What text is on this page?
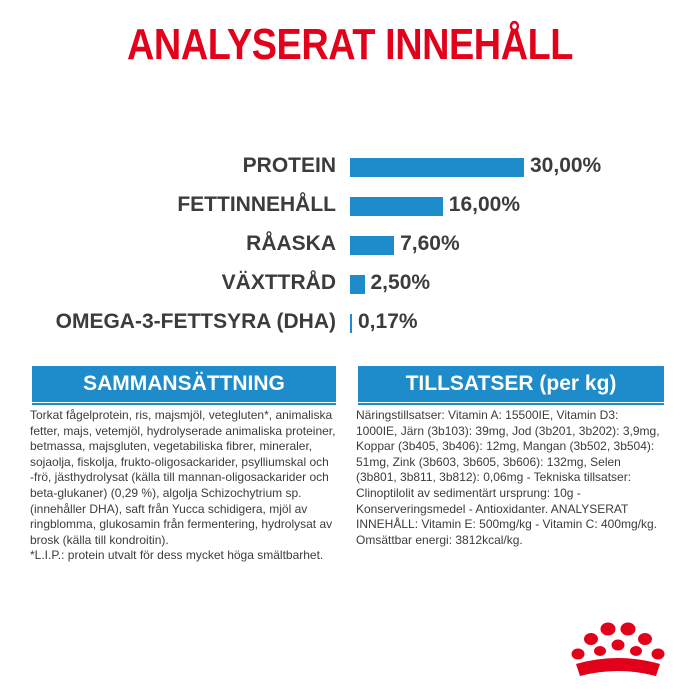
ANALYSERAT INNEHÅLL
PROTEIN	30,00%
FETTINNEHÅLL	16,00%
RÅASKA	7,60%
VÄXTTRÅD 2,50%
OMEGA-3-FETTSYRA (DHA) 0,17%
SAMMANSÄTTNING

Torkat fågelprotein, ris, majsmjöl, vetegluten*, animaliska fetter, majs, vetemjöl, hydrolyserade animaliska proteiner, betmassa, majsgluten, vegetabiliska fibrer, mineraler, sojaolja, fiskolja, frukto-oligosackarider, psylliumskal och -frö, jästhydrolysat (källa till mannan-oligosackarider och beta-glukaner) (0,29 %), algolja Schizochytrium sp. (innehåller DHA), saft från Yucca schidigera, mjöl av ringblomma, glukosamin från fermentering, hydrolysat av brosk (källa till kondroitin).

*L.I.P.: protein utvalt för dess mycket höga smältbarhet.

TILLSATSER (per kg)

Näringstillsatser: Vitamin A: 15500IE, Vitamin D3: 1000IE, Järn (3b103): 39mg, Jod (3b201, 3b202): 3,9mg, Koppar (3b405, 3b406): 12mg, Mangan (3b502, 3b504): 51mg, Zink (3b603, 3b605, 3b606): 132mg, Selen (3b801, 3b811, 3b812): 0,06mg - Tekniska tillsatser: Clinoptilolit av sedimentärt ursprung: 10g - Konserveringsmedel - Antioxidanter. ANALYSERAT INNEHÅLL: Vitamin E: 500mg/kg - Vitamin C: 400mg/kg. Omsättbar energi: 3812kcal/kg.
